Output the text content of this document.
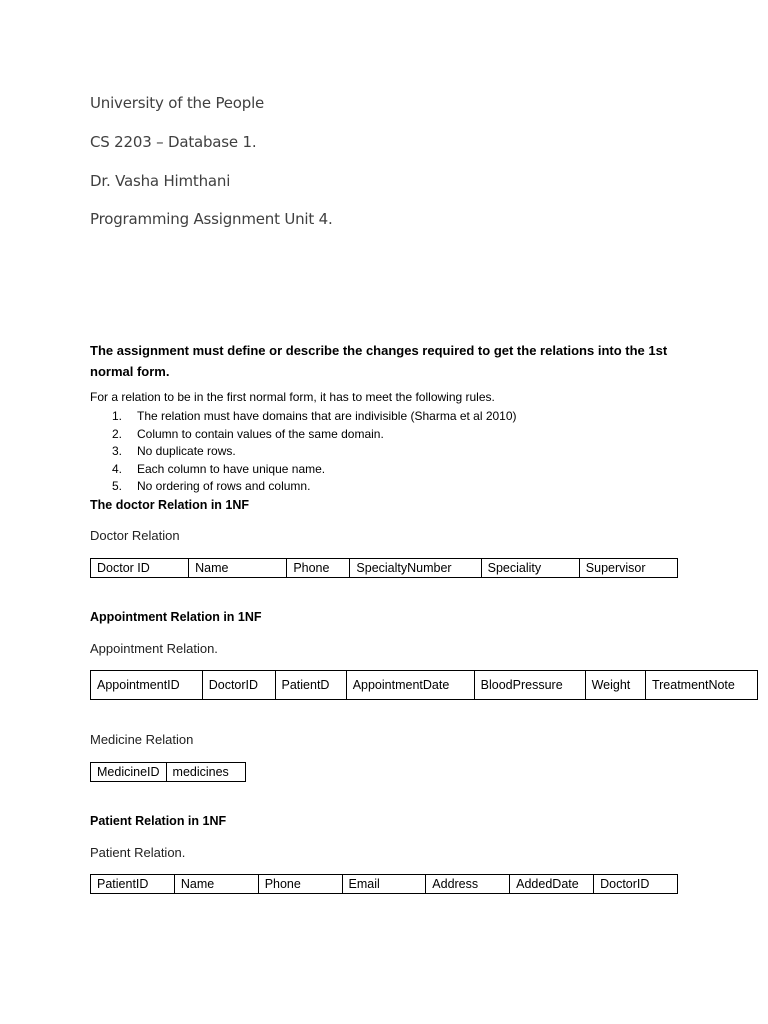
University of the People
CS 2203 – Database 1.
Dr. Vasha Himthani
Programming Assignment Unit 4.
The assignment must define or describe the changes required to get the relations into the 1st normal form.
For a relation to be in the first normal form, it has to meet the following rules.
1. The relation must have domains that are indivisible (Sharma et al 2010)
2. Column to contain values of the same domain.
3. No duplicate rows.
4. Each column to have unique name.
5. No ordering of rows and column.
The doctor Relation in 1NF
Doctor Relation
Doctor ID	Name	Phone	SpecialtyNumber	Speciality	Supervisor
Appointment Relation in 1NF
Appointment Relation.
AppointmentID	DoctorID	PatientD	AppointmentDate	BloodPressure	Weight	TreatmentNote
Medicine Relation
MedicineID	medicines
Patient Relation in 1NF
Patient Relation.
PatientID	Name	Phone	Email	Address	AddedDate	DoctorID
